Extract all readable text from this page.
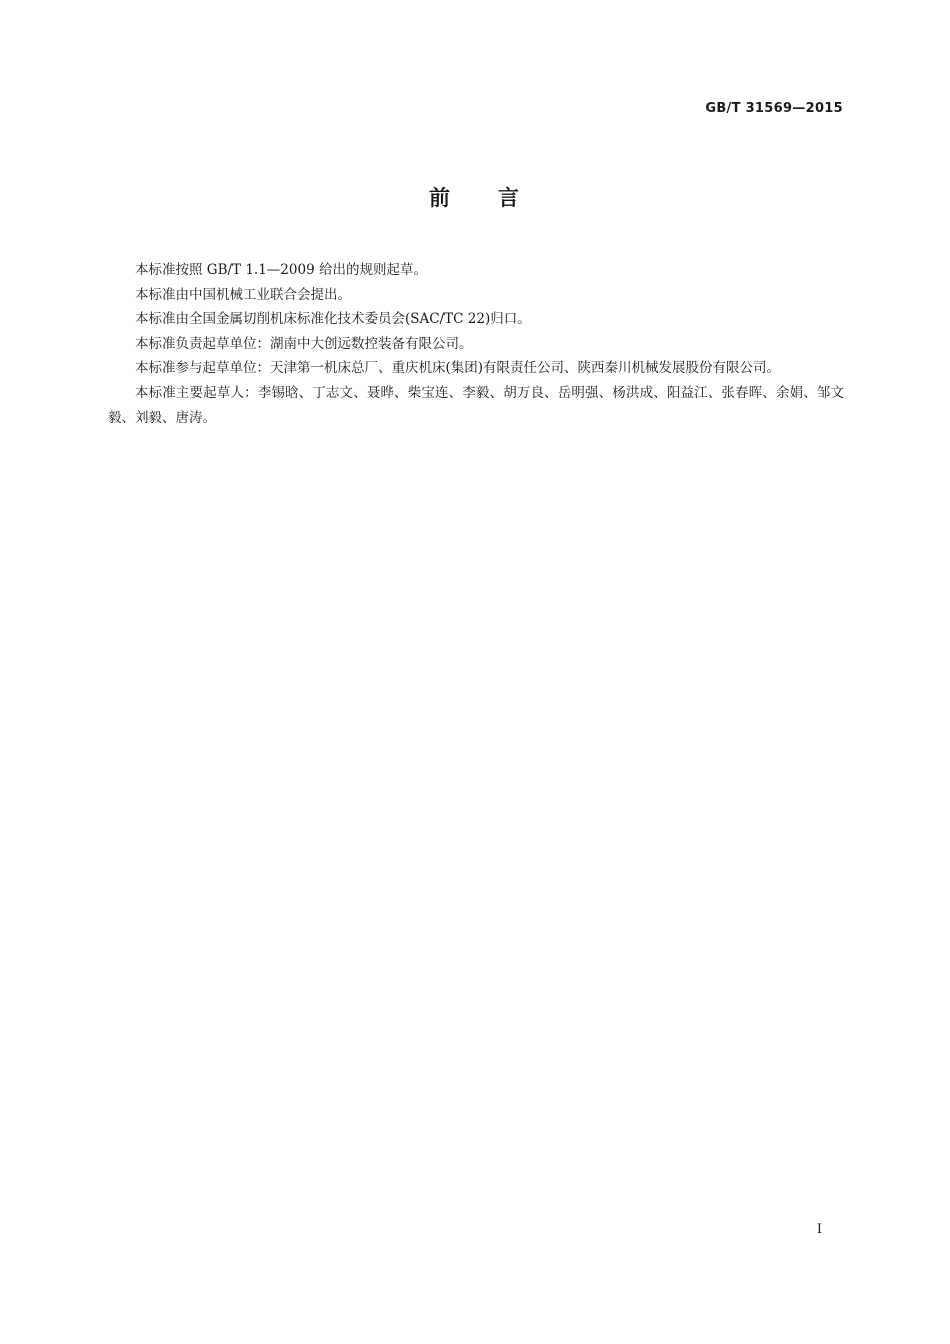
GB/T 31569—2015
前　　言

本标准按照 GB/T 1.1—2009 给出的规则起草。

本标准由中国机械工业联合会提出。

本标准由全国金属切削机床标准化技术委员会(SAC/TC 22)归口。

本标准负责起草单位：湖南中大创远数控装备有限公司。

本标准参与起草单位：天津第一机床总厂、重庆机床(集团)有限责任公司、陕西秦川机械发展股份有限公司。

本标准主要起草人：李锡晗、丁志文、聂晔、柴宝连、李毅、胡万良、岳明强、杨洪成、阳益江、张春晖、余娟、邹文毅、刘毅、唐涛。

I
